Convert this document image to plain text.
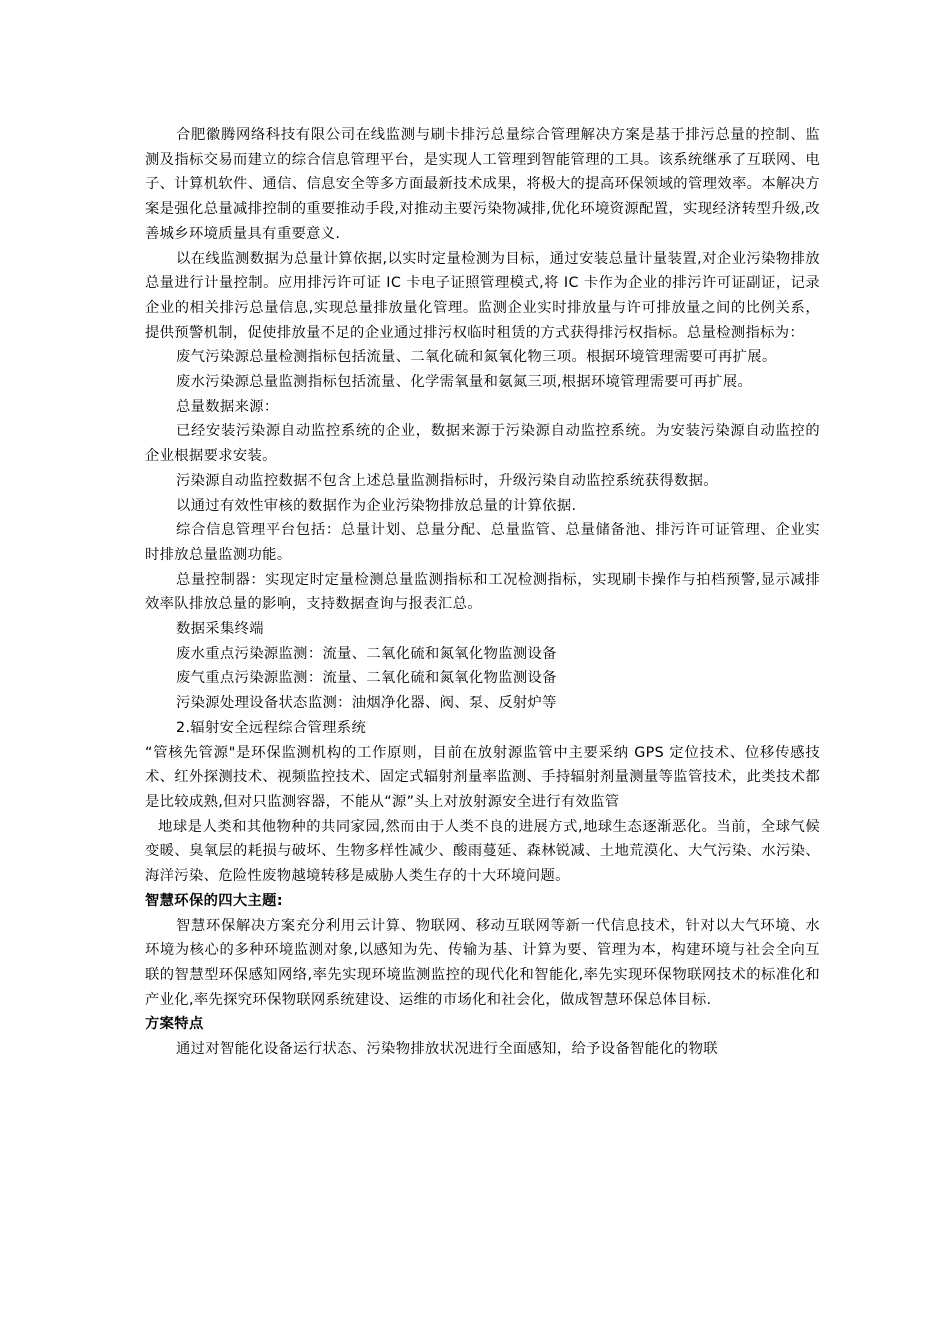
合肥徽腾网络科技有限公司在线监测与刷卡排污总量综合管理解决方案是基于排污总量的控制、监测及指标交易而建立的综合信息管理平台，是实现人工管理到智能管理的工具。该系统继承了互联网、电子、计算机软件、通信、信息安全等多方面最新技术成果，将极大的提高环保领域的管理效率。本解决方案是强化总量减排控制的重要推动手段,对推动主要污染物减排,优化环境资源配置，实现经济转型升级,改善城乡环境质量具有重要意义.

以在线监测数据为总量计算依据,以实时定量检测为目标，通过安装总量计量装置,对企业污染物排放总量进行计量控制。应用排污许可证 IC 卡电子证照管理模式,将 IC 卡作为企业的排污许可证副证，记录企业的相关排污总量信息,实现总量排放量化管理。监测企业实时排放量与许可排放量之间的比例关系，提供预警机制，促使排放量不足的企业通过排污权临时租赁的方式获得排污权指标。总量检测指标为：

废气污染源总量检测指标包括流量、二氧化硫和氮氧化物三项。根据环境管理需要可再扩展。

废水污染源总量监测指标包括流量、化学需氧量和氨氮三项,根据环境管理需要可再扩展。

总量数据来源：

已经安装污染源自动监控系统的企业，数据来源于污染源自动监控系统。为安装污染源自动监控的企业根据要求安装。

污染源自动监控数据不包含上述总量监测指标时，升级污染自动监控系统获得数据。

以通过有效性审核的数据作为企业污染物排放总量的计算依据.

综合信息管理平台包括：总量计划、总量分配、总量监管、总量储备池、排污许可证管理、企业实时排放总量监测功能。

总量控制器：实现定时定量检测总量监测指标和工况检测指标，实现刷卡操作与拍档预警,显示减排效率队排放总量的影响，支持数据查询与报表汇总。

数据采集终端

废水重点污染源监测：流量、二氧化硫和氮氧化物监测设备

废气重点污染源监测：流量、二氧化硫和氮氧化物监测设备

污染源处理设备状态监测：油烟净化器、阀、泵、反射炉等

2.辐射安全远程综合管理系统

“管核先管源"是环保监测机构的工作原则，目前在放射源监管中主要采纳 GPS 定位技术、位移传感技术、红外探测技术、视频监控技术、固定式辐射剂量率监测、手持辐射剂量测量等监管技术，此类技术都是比较成熟,但对只监测容器，不能从“源”头上对放射源安全进行有效监管

地球是人类和其他物种的共同家园,然而由于人类不良的进展方式,地球生态逐渐恶化。当前，全球气候变暖、臭氧层的耗损与破坏、生物多样性减少、酸雨蔓延、森林锐减、土地荒漠化、大气污染、水污染、海洋污染、危险性废物越境转移是威胁人类生存的十大环境问题。

智慧环保的四大主题:

智慧环保解决方案充分利用云计算、物联网、移动互联网等新一代信息技术，针对以大气环境、水环境为核心的多种环境监测对象,以感知为先、传输为基、计算为要、管理为本，构建环境与社会全向互联的智慧型环保感知网络,率先实现环境监测监控的现代化和智能化,率先实现环保物联网技术的标准化和产业化,率先探究环保物联网系统建设、运维的市场化和社会化，做成智慧环保总体目标.

方案特点

通过对智能化设备运行状态、污染物排放状况进行全面感知，给予设备智能化的物联
